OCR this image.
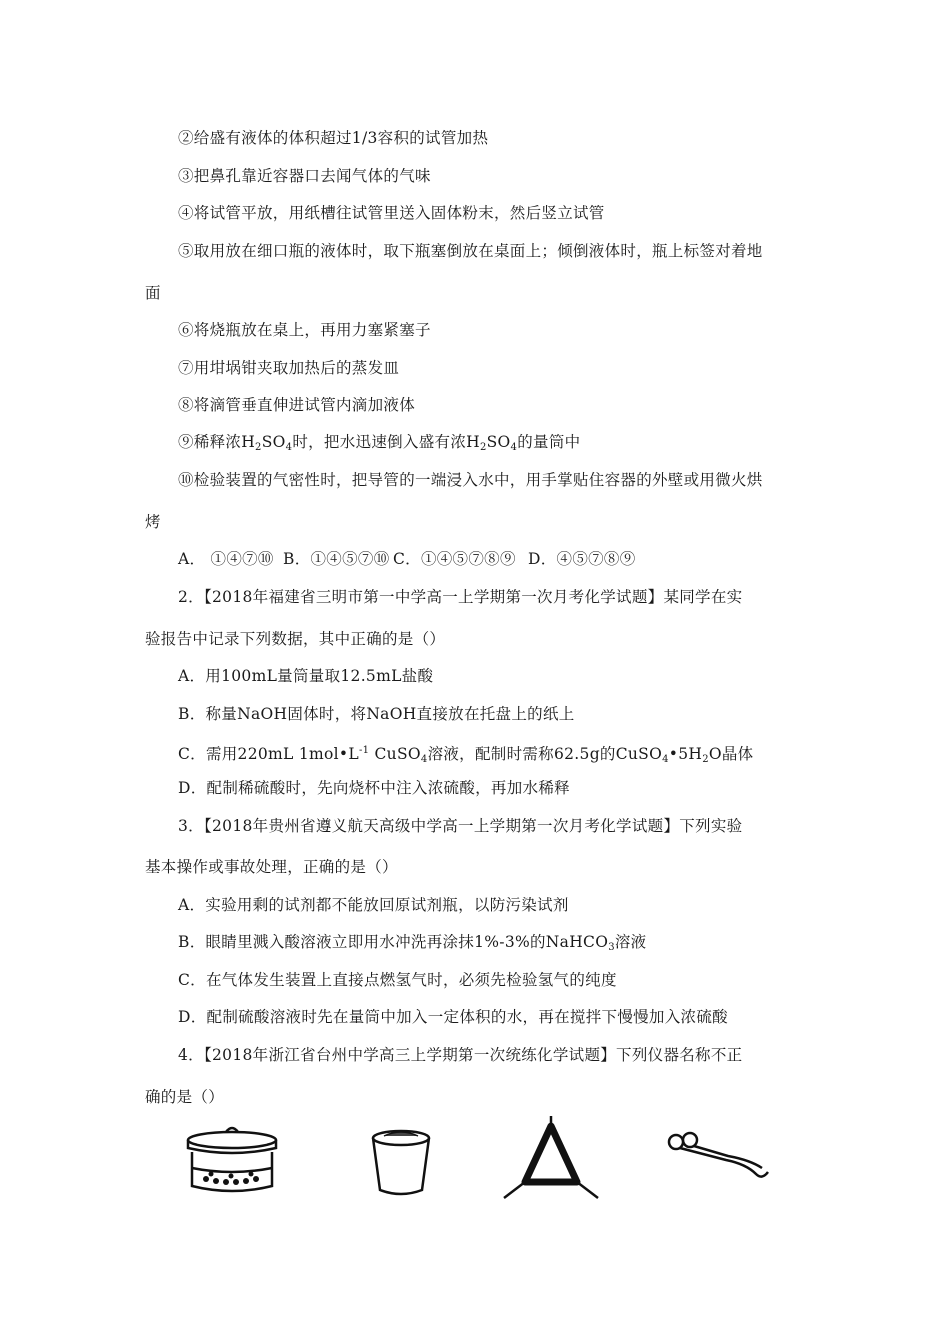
②给盛有液体的体积超过1/3容积的试管加热
③把鼻孔靠近容器口去闻气体的气味
④将试管平放，用纸槽往试管里送入固体粉末，然后竖立试管
⑤取用放在细口瓶的液体时，取下瓶塞倒放在桌面上；倾倒液体时，瓶上标签对着地
面
⑥将烧瓶放在桌上，再用力塞紧塞子
⑦用坩埚钳夹取加热后的蒸发皿
⑧将滴管垂直伸进试管内滴加液体
⑨稀释浓$H_2SO_4$时，把水迅速倒入盛有浓$H_2SO_4$的量筒中
⑩检验装置的气密性时，把导管的一端浸入水中，用手掌贴住容器的外壁或用微火烘
烤
A． ①④⑦⑩ B．①④⑤⑦⑩ C．①④⑤⑦⑧⑨ D．④⑤⑦⑧⑨
2．【2018年福建省三明市第一中学高一上学期第一次月考化学试题】某同学在实
验报告中记录下列数据，其中正确的是（）
A．用100mL量筒量取12.5mL盐酸
B．称量NaOH固体时，将NaOH直接放在托盘上的纸上
C．需用220mL $1mol•L^{-1}$ CuSO$_4$溶液，配制时需称62.5g的$CuSO_4•5H_2O$晶体
D．配制稀硫酸时，先向烧杯中注入浓硫酸，再加水稀释
3．【2018年贵州省遵义航天高级中学高一上学期第一次月考化学试题】下列实验
基本操作或事故处理，正确的是（）
A．实验用剩的试剂都不能放回原试剂瓶，以防污染试剂
B．眼睛里溅入酸溶液立即用水冲洗再涂抹1%-3%的NaHCO$_3$溶液
C．在气体发生装置上直接点燃氢气时，必须先检验氢气的纯度
D．配制硫酸溶液时先在量筒中加入一定体积的水，再在搅拌下慢慢加入浓硫酸
4．【2018年浙江省台州中学高三上学期第一次统练化学试题】下列仪器名称不正
确的是（）
